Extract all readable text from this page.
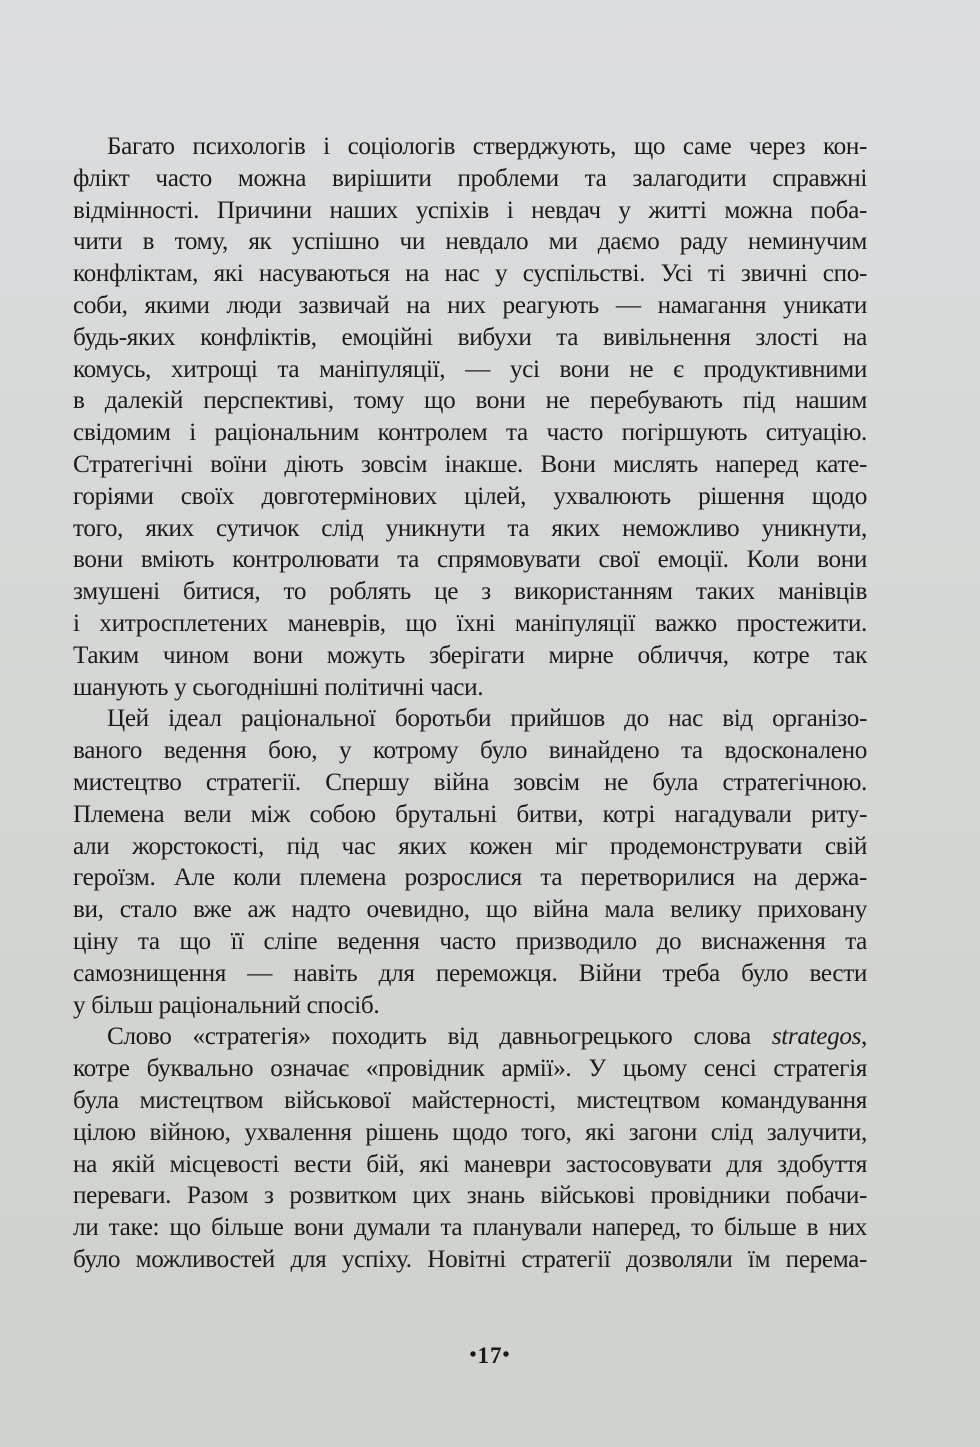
Багато психологів і соціологів стверджують, що саме через кон-
флікт часто можна вирішити проблеми та залагодити справжні
відмінності. Причини наших успіхів і невдач у житті можна поба-
чити в тому, як успішно чи невдало ми даємо раду неминучим
конфліктам, які насуваються на нас у суспільстві. Усі ті звичні спо-
соби, якими люди зазвичай на них реагують — намагання уникати
будь-яких конфліктів, емоційні вибухи та вивільнення злості на
комусь, хитрощі та маніпуляції, — усі вони не є продуктивними
в далекій перспективі, тому що вони не перебувають під нашим
свідомим і раціональним контролем та часто погіршують ситуацію.
Стратегічні воїни діють зовсім інакше. Вони мислять наперед кате-
горіями своїх довготермінових цілей, ухвалюють рішення щодо
того, яких сутичок слід уникнути та яких неможливо уникнути,
вони вміють контролювати та спрямовувати свої емоції. Коли вони
змушені битися, то роблять це з використанням таких манівців
і хитросплетених маневрів, що їхні маніпуляції важко простежити.
Таким чином вони можуть зберігати мирне обличчя, котре так
шанують у сьогоднішні політичні часи.
Цей ідеал раціональної боротьби прийшов до нас від організо-
ваного ведення бою, у котрому було винайдено та вдосконалено
мистецтво стратегії. Спершу війна зовсім не була стратегічною.
Племена вели між собою брутальні битви, котрі нагадували риту-
али жорстокості, під час яких кожен міг продемонструвати свій
героїзм. Але коли племена розрослися та перетворилися на держа-
ви, стало вже аж надто очевидно, що війна мала велику приховану
ціну та що її сліпе ведення часто призводило до виснаження та
самознищення — навіть для переможця. Війни треба було вести
у більш раціональний спосіб.
Слово «стратегія» походить від давньогрецького слова strategos,
котре буквально означає «провідник армії». У цьому сенсі стратегія
була мистецтвом військової майстерності, мистецтвом командування
цілою війною, ухвалення рішень щодо того, які загони слід залучити,
на якій місцевості вести бій, які маневри застосовувати для здобуття
переваги. Разом з розвитком цих знань військові провідники побачи-
ли таке: що більше вони думали та планували наперед, то більше в них
було можливостей для успіху. Новітні стратегії дозволяли їм перема-
•17•
